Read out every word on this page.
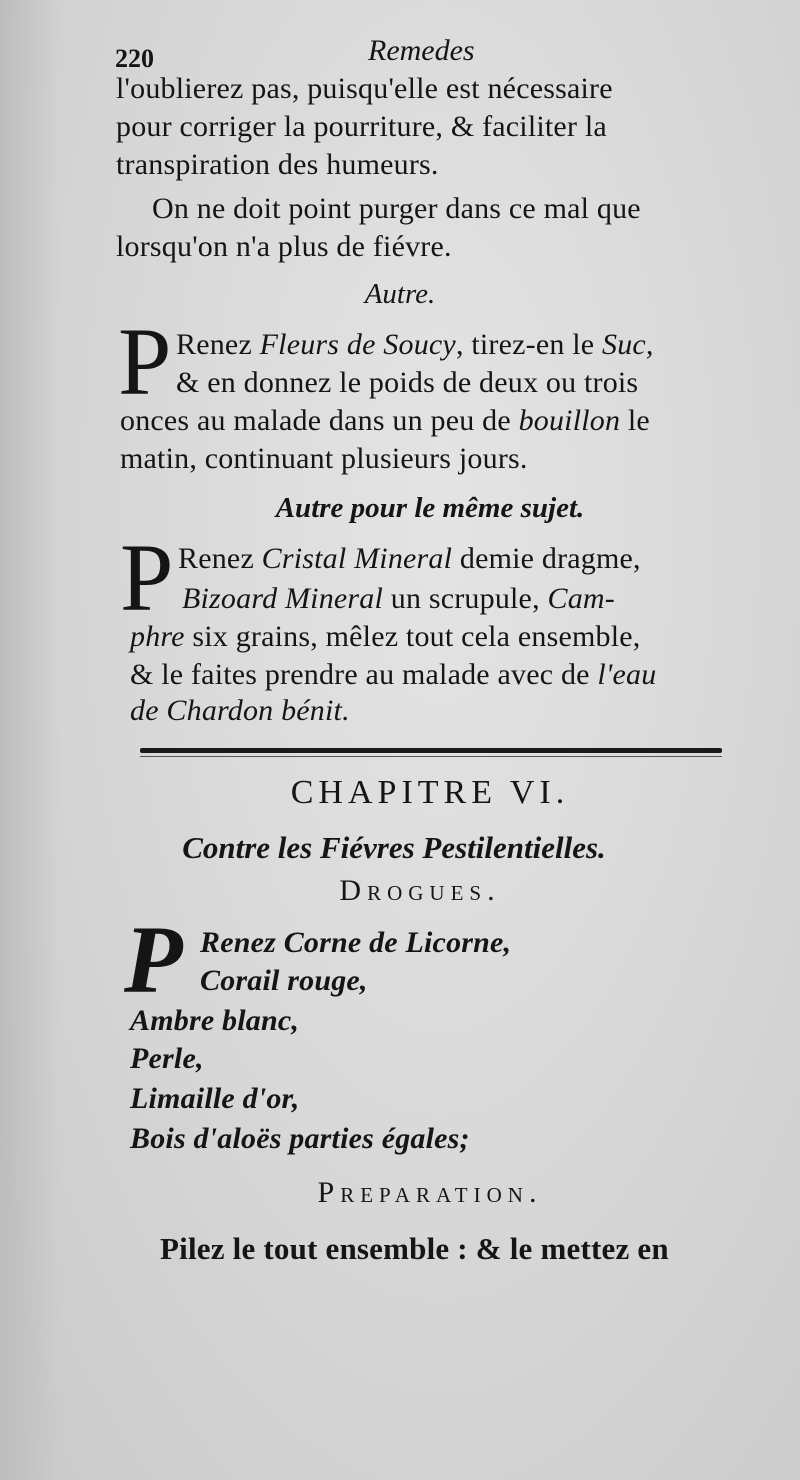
220	Remedes
l'oublierez pas, puisqu'elle est nécessaire
pour corriger la pourriture, & faciliter la
transpiration des humeurs.
On ne doit point purger dans ce mal que
lorsqu'on n'a plus de fiévre.
Autre.
P Renez Fleurs de Soucy, tirez-en le Suc,
& en donnez le poids de deux ou trois
onces au malade dans un peu de bouillon le
matin, continuant plusieurs jours.
Autre pour le même sujet.
P Renez Cristal Mineral demie dragme,
Bizoard Mineral un scrupule, Cam-
phre six grains, mêlez tout cela ensemble,
& le faites prendre au malade avec de l'eau
de Chardon bénit.
CHAPITRE VI.
Contre les Fiévres Pestilentielles.
Drogues.
P Renez Corne de Licorne,
Corail rouge,
Ambre blanc,
Perle,
Limaille d'or,
Bois d'aloës parties égales;
Preparation.
Pilez le tout ensemble : & le mettez en
